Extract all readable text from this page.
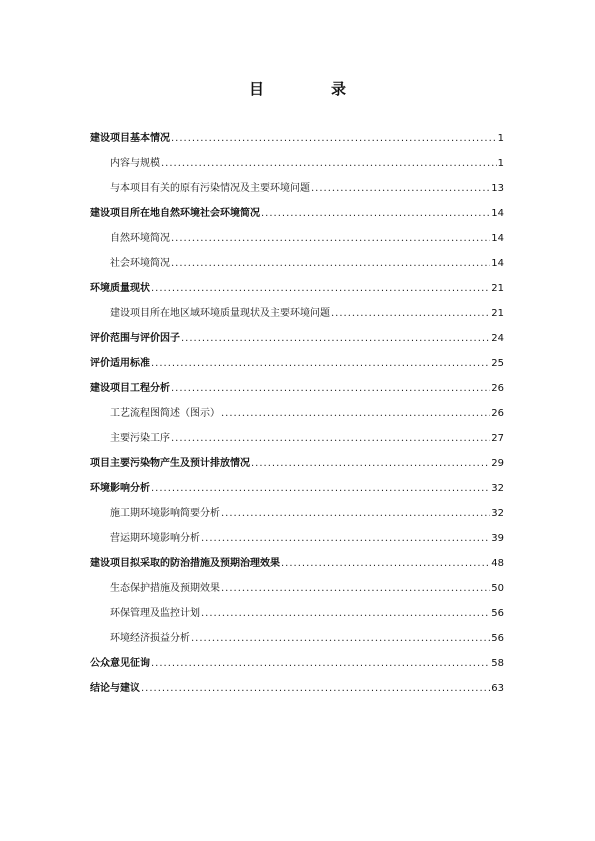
目　录
建设项目基本情况 .....	1
内容与规模 .....	1
与本项目有关的原有污染情况及主要环境问题 .....	13
建设项目所在地自然环境社会环境简况 .....	14
自然环境简况 .....	14
社会环境简况 .....	14
环境质量现状 .....	21
建设项目所在地区域环境质量现状及主要环境问题 .....	21
评价范围与评价因子 .....	24
评价适用标准 .....	25
建设项目工程分析 .....	26
工艺流程图简述（图示） .....	26
主要污染工序 .....	27
项目主要污染物产生及预计排放情况 .....	29
环境影响分析 .....	32
施工期环境影响简要分析 .....	32
营运期环境影响分析 .....	39
建设项目拟采取的防治措施及预期治理效果 .....	48
生态保护措施及预期效果 .....	50
环保管理及监控计划 .....	56
环境经济损益分析 .....	56
公众意见征询 .....	58
结论与建议 .....	63
